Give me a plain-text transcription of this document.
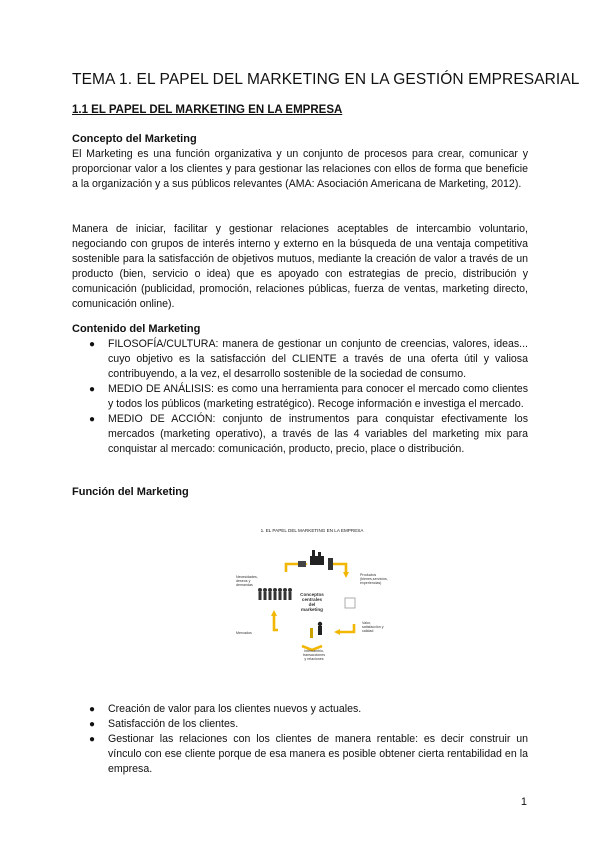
TEMA 1. EL PAPEL DEL MARKETING EN LA GESTIÓN EMPRESARIAL
1.1 EL PAPEL DEL MARKETING EN LA EMPRESA
Concepto del Marketing
El Marketing es una función organizativa y un conjunto de procesos para crear, comunicar y proporcionar valor a los clientes y para gestionar las relaciones con ellos de forma que beneficie a la organización y a sus públicos relevantes (AMA: Asociación Americana de Marketing, 2012).
Manera de iniciar, facilitar y gestionar relaciones aceptables de intercambio voluntario, negociando con grupos de interés interno y externo en la búsqueda de una ventaja competitiva sostenible para la satisfacción de objetivos mutuos, mediante la creación de valor a través de un producto (bien, servicio o idea) que es apoyado con estrategias de precio, distribución y comunicación (publicidad, promoción, relaciones públicas, fuerza de ventas, marketing directo, comunicación online).
Contenido del Marketing
● FILOSOFÍA/CULTURA: manera de gestionar un conjunto de creencias, valores, ideas... cuyo objetivo es la satisfacción del CLIENTE a través de una oferta útil y valiosa contribuyendo, a la vez, el desarrollo sostenible de la sociedad de consumo.
● MEDIO DE ANÁLISIS: es como una herramienta para conocer el mercado como clientes y todos los públicos (marketing estratégico). Recoge información e investiga el mercado.
● MEDIO DE ACCIÓN: conjunto de instrumentos para conquistar efectivamente los mercados (marketing operativo), a través de las 4 variables del marketing mix para conquistar al mercado: comunicación, producto, precio, place o distribución.
Función del Marketing
1. EL PAPEL DEL MARKETING EN LA EMPRESA
Conceptos
centrales
del
marketing
Necesidades,
deseos y
demandas
Productos
(bienes,servicios,
experiencias)
Valor,
satisfacción y
calidad
Intercambio,
transacciones
y relaciones
Mercados
● Creación de valor para los clientes nuevos y actuales.
● Satisfacción de los clientes.
● Gestionar las relaciones con los clientes de manera rentable: es decir construir un vínculo con ese cliente porque de esa manera es posible obtener cierta rentabilidad en la empresa.
1
